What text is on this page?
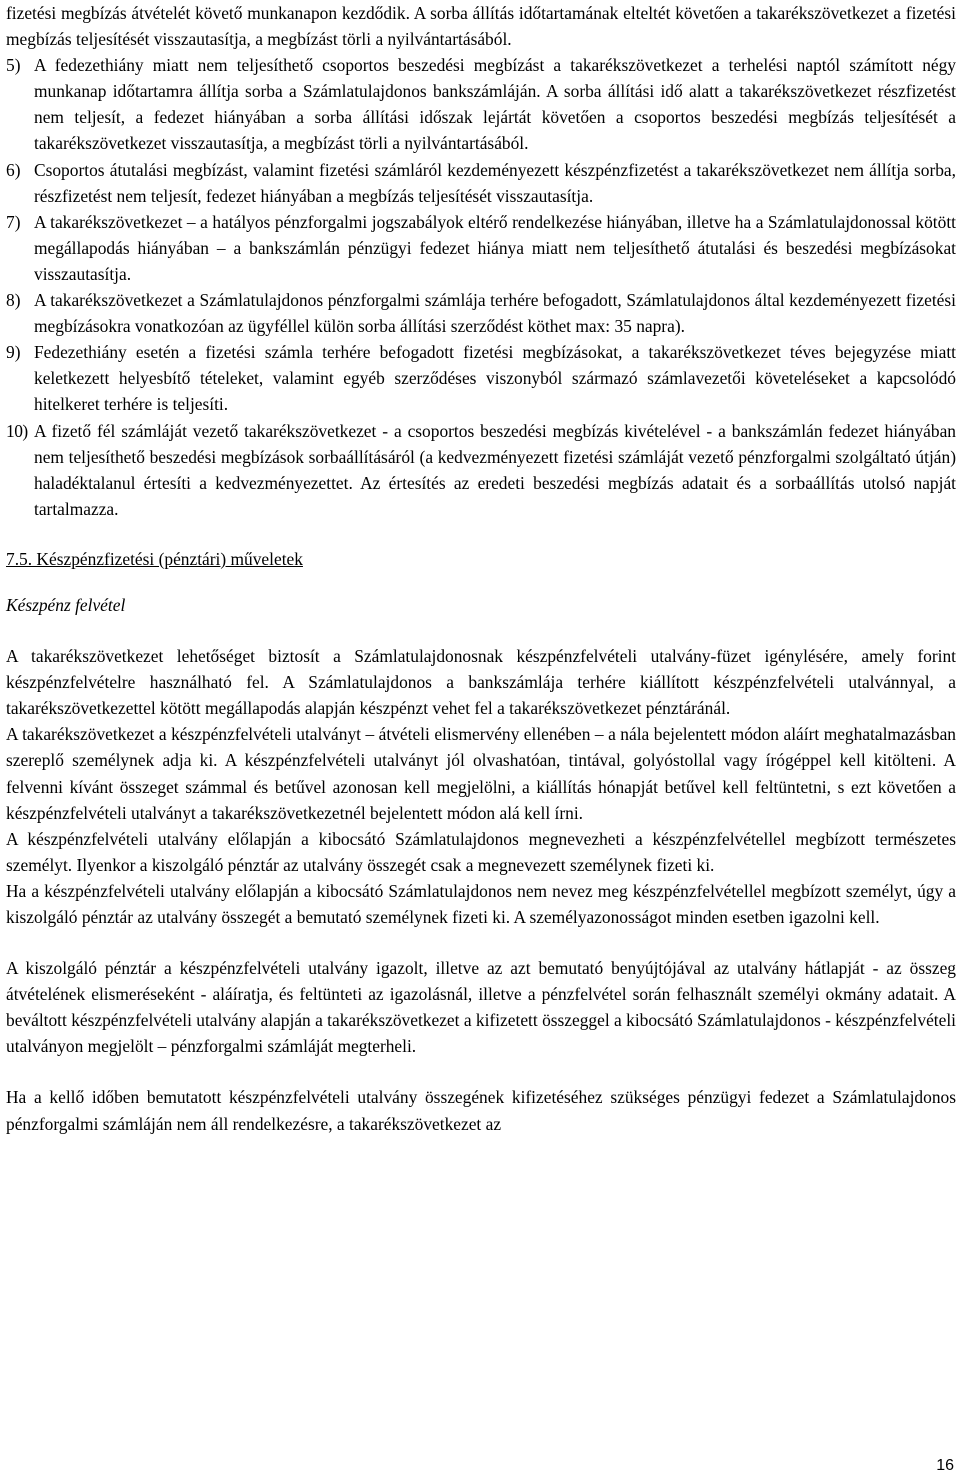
fizetési megbízás átvételét követő munkanapon kezdődik. A sorba állítás időtartamának elteltét követően a takarékszövetkezet a fizetési megbízás teljesítését visszautasítja, a megbízást törli a nyilvántartásából.

5) A fedezethiány miatt nem teljesíthető csoportos beszedési megbízást a takarékszövetkezet a terhelési naptól számított négy munkanap időtartamra állítja sorba a Számlatulajdonos bankszámláján. A sorba állítási idő alatt a takarékszövetkezet részfizetést nem teljesít, a fedezet hiányában a sorba állítási időszak lejártát követően a csoportos beszedési megbízás teljesítését a takarékszövetkezet visszautasítja, a megbízást törli a nyilvántartásából.
6) Csoportos átutalási megbízást, valamint fizetési számláról kezdeményezett készpénzfizetést a takarékszövetkezet nem állítja sorba, részfizetést nem teljesít, fedezet hiányában a megbízás teljesítését visszautasítja.
7) A takarékszövetkezet – a hatályos pénzforgalmi jogszabályok eltérő rendelkezése hiányában, illetve ha a Számlatulajdonossal kötött megállapodás hiányában – a bankszámlán pénzügyi fedezet hiánya miatt nem teljesíthető átutalási és beszedési megbízásokat visszautasítja.
8) A takarékszövetkezet a Számlatulajdonos pénzforgalmi számlája terhére befogadott, Számlatulajdonos által kezdeményezett fizetési megbízásokra vonatkozóan az ügyféllel külön sorba állítási szerződést köthet max: 35 napra).
9) Fedezethiány esetén a fizetési számla terhére befogadott fizetési megbízásokat, a takarékszövetkezet téves bejegyzése miatt keletkezett helyesbítő tételeket, valamint egyéb szerződéses viszonyból származó számlavezetői követeléseket a kapcsolódó hitelkeret terhére is teljesíti.
10) A fizető fél számláját vezető takarékszövetkezet - a csoportos beszedési megbízás kivételével - a bankszámlán fedezet hiányában nem teljesíthető beszedési megbízások sorbaállításáról (a kedvezményezett fizetési számláját vezető pénzforgalmi szolgáltató útján) haladéktalanul értesíti a kedvezményezettet. Az értesítés az eredeti beszedési megbízás adatait és a sorbaállítás utolsó napját tartalmazza.

7.5. Készpénzfizetési (pénztári) műveletek

Készpénz felvétel

A takarékszövetkezet lehetőséget biztosít a Számlatulajdonosnak készpénzfelvételi utalvány-füzet igénylésére, amely forint készpénzfelvételre használható fel. A Számlatulajdonos a bankszámlája terhére kiállított készpénzfelvételi utalvánnyal, a takarékszövetkezettel kötött megállapodás alapján készpénzt vehet fel a takarékszövetkezet pénztáránál.

A takarékszövetkezet a készpénzfelvételi utalványt – átvételi elismervény ellenében – a nála bejelentett módon aláírt meghatalmazásban szereplő személynek adja ki. A készpénzfelvételi utalványt jól olvashatóan, tintával, golyóstollal vagy írógéppel kell kitölteni. A felvenni kívánt összeget számmal és betűvel azonosan kell megjelölni, a kiállítás hónapját betűvel kell feltüntetni, s ezt követően a készpénzfelvételi utalványt a takarékszövetkezetnél bejelentett módon alá kell írni.

A készpénzfelvételi utalvány előlapján a kibocsátó Számlatulajdonos megnevezheti a készpénzfelvétellel megbízott természetes személyt. Ilyenkor a kiszolgáló pénztár az utalvány összegét csak a megnevezett személynek fizeti ki.

Ha a készpénzfelvételi utalvány előlapján a kibocsátó Számlatulajdonos nem nevez meg készpénzfelvétellel megbízott személyt, úgy a kiszolgáló pénztár az utalvány összegét a bemutató személynek fizeti ki. A személyazonosságot minden esetben igazolni kell.

A kiszolgáló pénztár a készpénzfelvételi utalvány igazolt, illetve az azt bemutató benyújtójával az utalvány hátlapját - az összeg átvételének elismeréseként - aláíratja, és feltünteti az igazolásnál, illetve a pénzfelvétel során felhasznált személyi okmány adatait. A beváltott készpénzfelvételi utalvány alapján a takarékszövetkezet a kifizetett összeggel a kibocsátó Számlatulajdonos - készpénzfelvételi utalványon megjelölt – pénzforgalmi számláját megterheli.

Ha a kellő időben bemutatott készpénzfelvételi utalvány összegének kifizetéséhez szükséges pénzügyi fedezet a Számlatulajdonos pénzforgalmi számláján nem áll rendelkezésre, a takarékszövetkezet az

16
